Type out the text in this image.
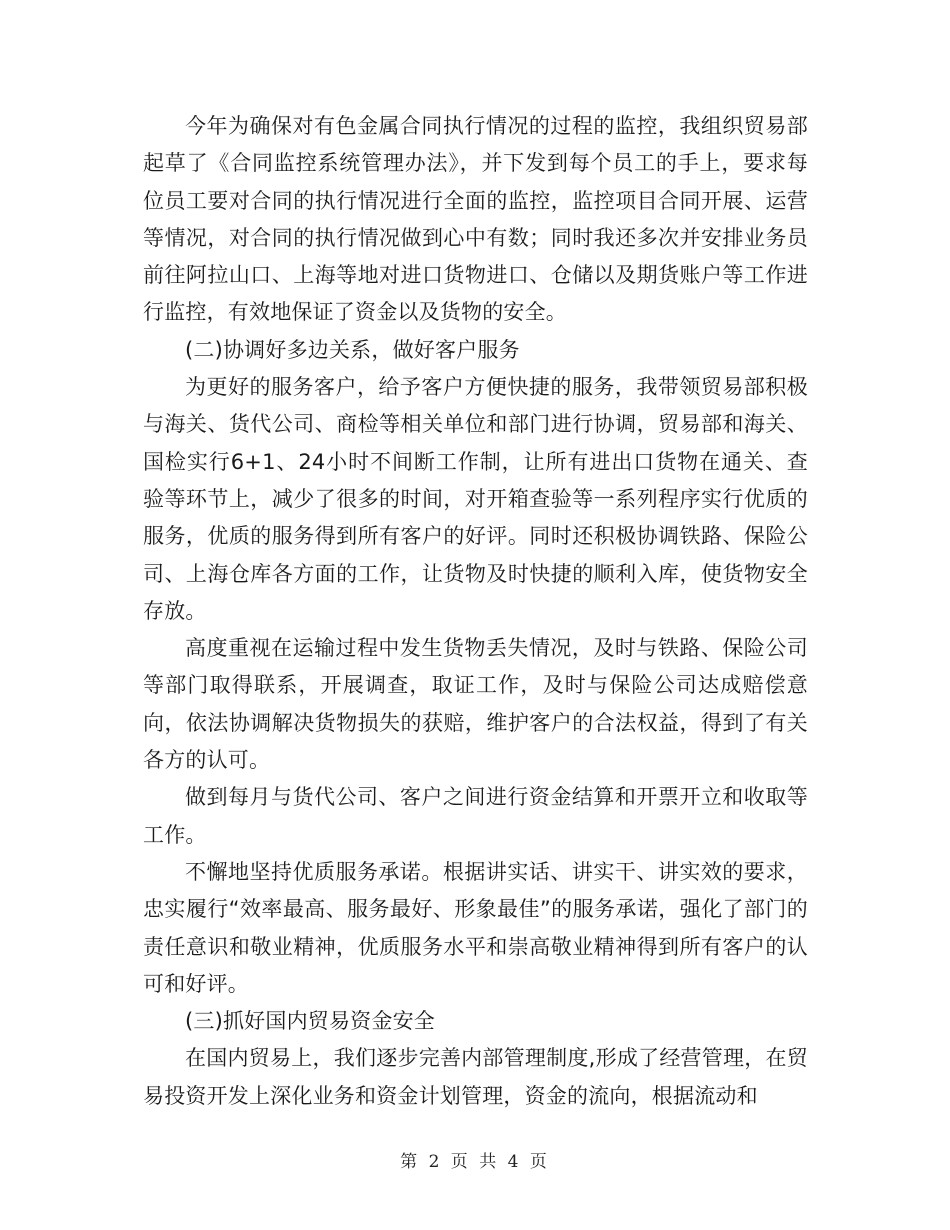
今年为确保对有色金属合同执行情况的过程的监控，我组织贸易部起草了《合同监控系统管理办法》，并下发到每个员工的手上，要求每位员工要对合同的执行情况进行全面的监控，监控项目合同开展、运营等情况，对合同的执行情况做到心中有数；同时我还多次并安排业务员前往阿拉山口、上海等地对进口货物进口、仓储以及期货账户等工作进行监控，有效地保证了资金以及货物的安全。

(二)协调好多边关系，做好客户服务

为更好的服务客户，给予客户方便快捷的服务，我带领贸易部积极与海关、货代公司、商检等相关单位和部门进行协调，贸易部和海关、国检实行6+1、24小时不间断工作制，让所有进出口货物在通关、查验等环节上，减少了很多的时间，对开箱查验等一系列程序实行优质的服务，优质的服务得到所有客户的好评。同时还积极协调铁路、保险公司、上海仓库各方面的工作，让货物及时快捷的顺利入库，使货物安全存放。

高度重视在运输过程中发生货物丢失情况，及时与铁路、保险公司等部门取得联系，开展调查，取证工作，及时与保险公司达成赔偿意向，依法协调解决货物损失的获赔，维护客户的合法权益，得到了有关各方的认可。

做到每月与货代公司、客户之间进行资金结算和开票开立和收取等工作。

不懈地坚持优质服务承诺。根据讲实话、讲实干、讲实效的要求，忠实履行“效率最高、服务最好、形象最佳”的服务承诺，强化了部门的责任意识和敬业精神，优质服务水平和崇高敬业精神得到所有客户的认可和好评。

(三)抓好国内贸易资金安全

在国内贸易上，我们逐步完善内部管理制度,形成了经营管理，在贸易投资开发上深化业务和资金计划管理，资金的流向，根据流动和

第 2 页 共 4 页
